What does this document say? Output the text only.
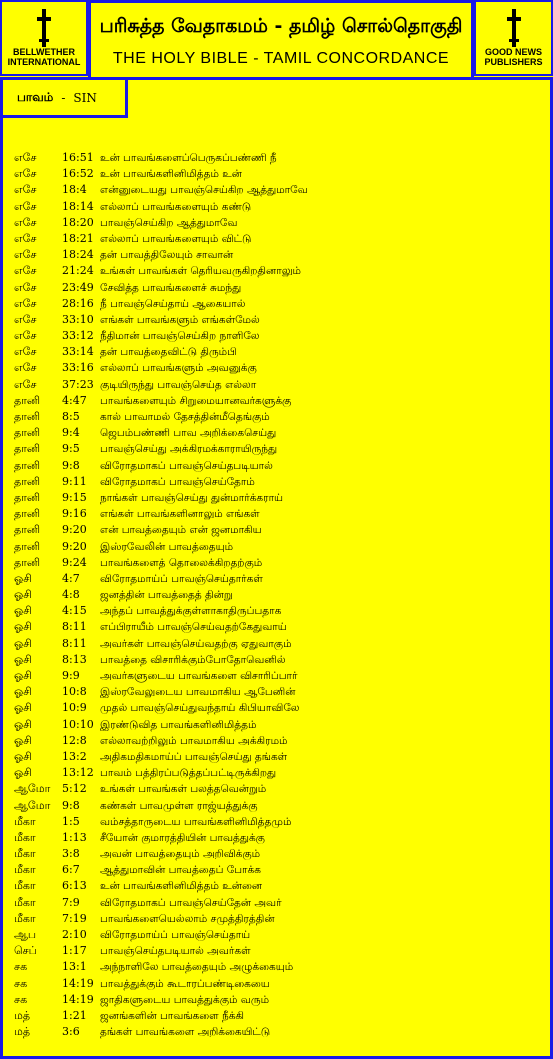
BELLWETHER
INTERNATIONAL
பரிசுத்த வேதாகமம் - தமிழ் சொல்தொகுதி
THE HOLY BIBLE - TAMIL CONCORDANCE	GOOD NEWS
PUBLISHERS
பாவம் - SIN
எசே	16:51 உன் பாவங்களைப்பெருகப்பண்ணி நீ
எசே	16:52 உன் பாவங்களினிமித்தம் உன்
எசே	18:4	என்னுடையது பாவஞ்செய்கிற ஆத்துமாவே
எசே	18:14 எல்லாப் பாவங்களையும் கண்டு
எசே	18:20 பாவஞ்செய்கிற ஆத்துமாவே
எசே	18:21 எல்லாப் பாவங்களையும் விட்டு
எசே	18:24 தன் பாவத்திலேயும் சாவான்
எசே	21:24 உங்கள் பாவங்கள் தெரியவருகிறதினாலும்
எசே	23:49 சேவித்த பாவங்களைச் சுமந்து
எசே	28:16 நீ பாவஞ்செய்தாய் ஆகையால்
எசே	33:10 எங்கள் பாவங்களும் எங்கள்மேல்
எசே	33:12 நீதிமான் பாவஞ்செய்கிற நாளிலே
எசே	33:14 தன் பாவத்தைவிட்டு திரும்பி
எசே	33:16 எல்லாப் பாவங்களும் அவனுக்கு
எசே	37:23 குடியிருந்து பாவஞ்செய்த எல்லா
தானி	4:47	பாவங்களையும் சிறுமையானவர்களுக்கு
தானி	8:5	கால் பாவாமல் தேசத்தின்மீதெங்கும்
தானி	9:4	ஜெபம்பண்ணி பாவ அறிக்கைசெய்து
தானி	9:5	பாவஞ்செய்து அக்கிரமக்காராயிருந்து
தானி	9:8	விரோதமாகப் பாவஞ்செய்தபடியால்
தானி	9:11	விரோதமாகப் பாவஞ்செய்தோம்
தானி	9:15	நாங்கள் பாவஞ்செய்து துன்மார்க்கராய்
தானி	9:16	எங்கள் பாவங்களினாலும் எங்கள்
தானி	9:20	என் பாவத்தையும் என் ஜனமாகிய
தானி	9:20	இஸ்ரவேலின் பாவத்தையும்
தானி	9:24	பாவங்களைத் தொலைக்கிறதற்கும்
ஓசி	4:7	விரோதமாய்ப் பாவஞ்செய்தார்கள்
ஓசி	4:8	ஜனத்தின் பாவத்தைத் தின்று
ஓசி	4:15	அந்தப் பாவத்துக்குள்ளாகாதிருப்பதாக
ஓசி	8:11	எப்பிராயீம் பாவஞ்செய்வதற்கேதுவாய்
ஓசி	8:11	அவர்கள் பாவஞ்செய்வதற்கு ஏதுவாகும்
ஓசி	8:13	பாவத்தை விசாரிக்கும்போதோவெனில்
ஓசி	9:9	அவர்களுடைய பாவங்களை விசாரிப்பார்
ஓசி	10:8	இஸ்ரவேலுடைய பாவமாகிய ஆபேனின்
ஓசி	10:9	முதல் பாவஞ்செய்துவந்தாய் கிபியாவிலே
ஓசி	10:10 இரண்டுவித பாவங்களினிமித்தம்
ஓசி	12:8	எல்லாவற்றிலும் பாவமாகிய அக்கிரமம்
ஓசி	13:2	அதிகமதிகமாய்ப் பாவஞ்செய்து தங்கள்
ஓசி	13:12 பாவம் பத்திரப்படுத்தப்பட்டிருக்கிறது
ஆமோ	5:12	உங்கள் பாவங்கள் பலத்தவென்றும்
ஆமோ	9:8	கண்கள் பாவமுள்ள ராஜ்யத்துக்கு
மீகா	1:5	வம்சத்தாருடைய பாவங்களினிமித்தமும்
மீகா	1:13	சீயோன் குமாரத்தியின் பாவத்துக்கு
மீகா	3:8	அவன் பாவத்தையும் அறிவிக்கும்
மீகா	6:7	ஆத்துமாவின் பாவத்தைப் போக்க
மீகா	6:13	உன் பாவங்களினிமித்தம் உன்னை
மீகா	7:9	விரோதமாகப் பாவஞ்செய்தேன் அவர்
மீகா	7:19	பாவங்களையெல்லாம் சமுத்திரத்தின்
ஆப	2:10	விரோதமாய்ப் பாவஞ்செய்தாய்
செப்	1:17	பாவஞ்செய்தபடியால் அவர்கள்
சக	13:1	அந்நாளிலே பாவத்தையும் அழுக்கையும்
சக	14:19 பாவத்துக்கும் கூடாரப்பண்டிகையை
சக	14:19 ஜாதிகளுடைய பாவத்துக்கும் வரும்
மத்	1:21	ஜனங்களின் பாவங்களை நீக்கி
மத்	3:6	தங்கள் பாவங்களை அறிக்கையிட்டு
